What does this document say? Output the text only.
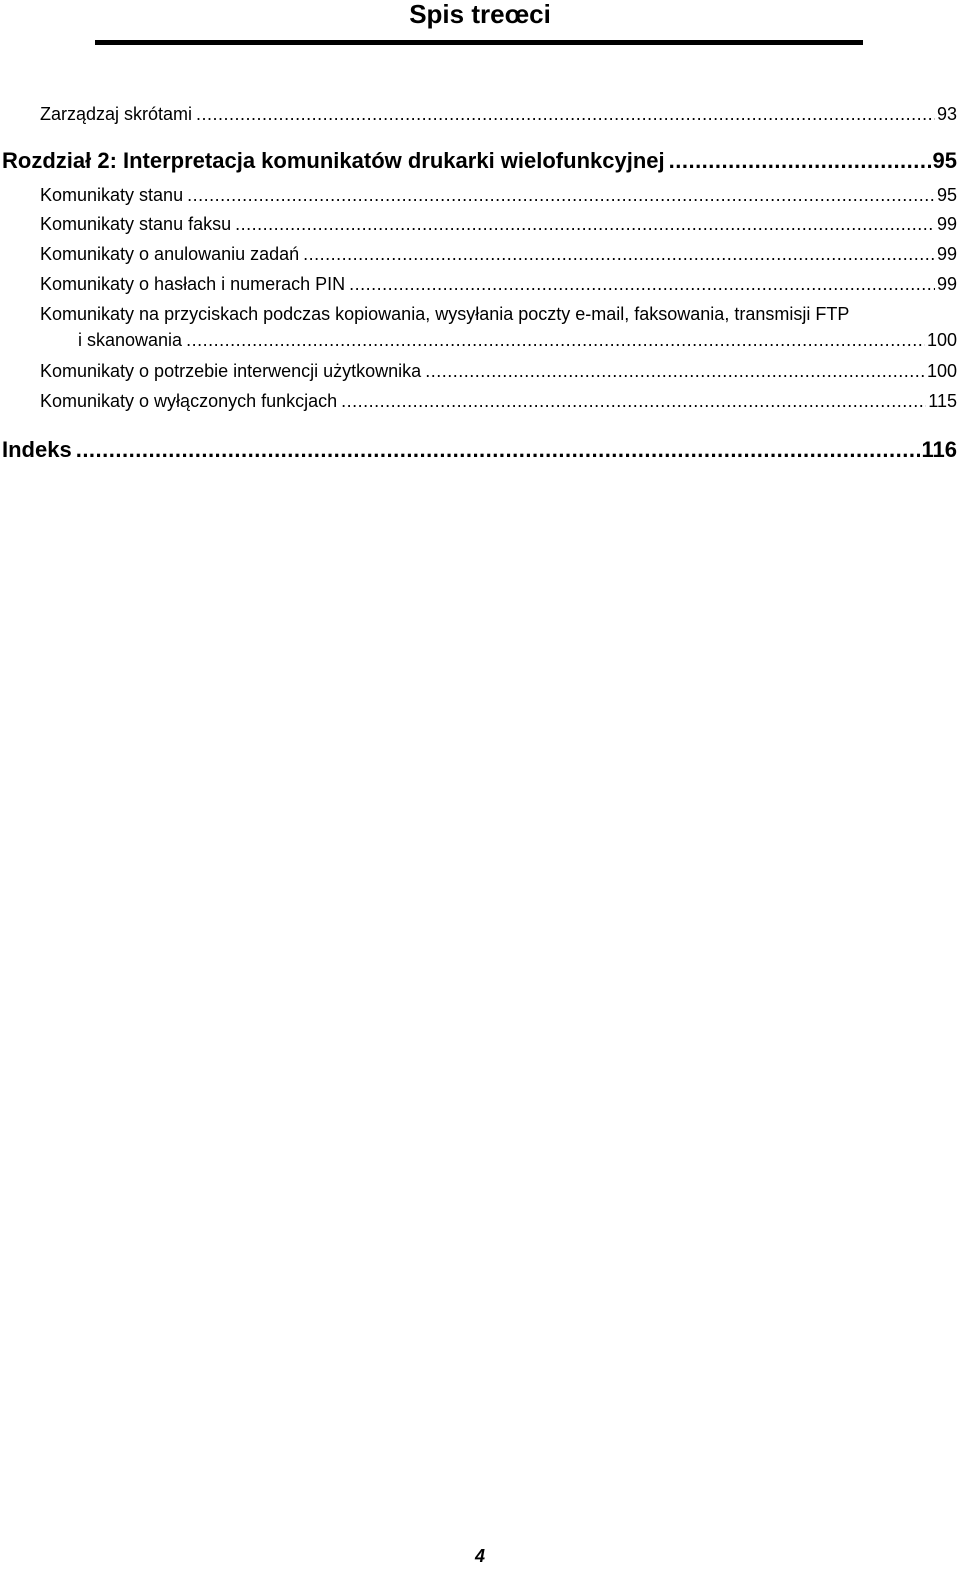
Spis treœci
Zarządzaj skrótami .....	93
Rozdział 2: Interpretacja komunikatów drukarki wielofunkcyjnej .....	95
Komunikaty stanu .....	95
Komunikaty stanu faksu .....	99
Komunikaty o anulowaniu zadań .....	99
Komunikaty o hasłach i numerach PIN .....	99
Komunikaty na przyciskach podczas kopiowania, wysyłania poczty e-mail, faksowania, transmisji FTP
i skanowania .....	100
Komunikaty o potrzebie interwencji użytkownika .....	100
Komunikaty o wyłączonych funkcjach .....	115
Indeks .....	116
4
